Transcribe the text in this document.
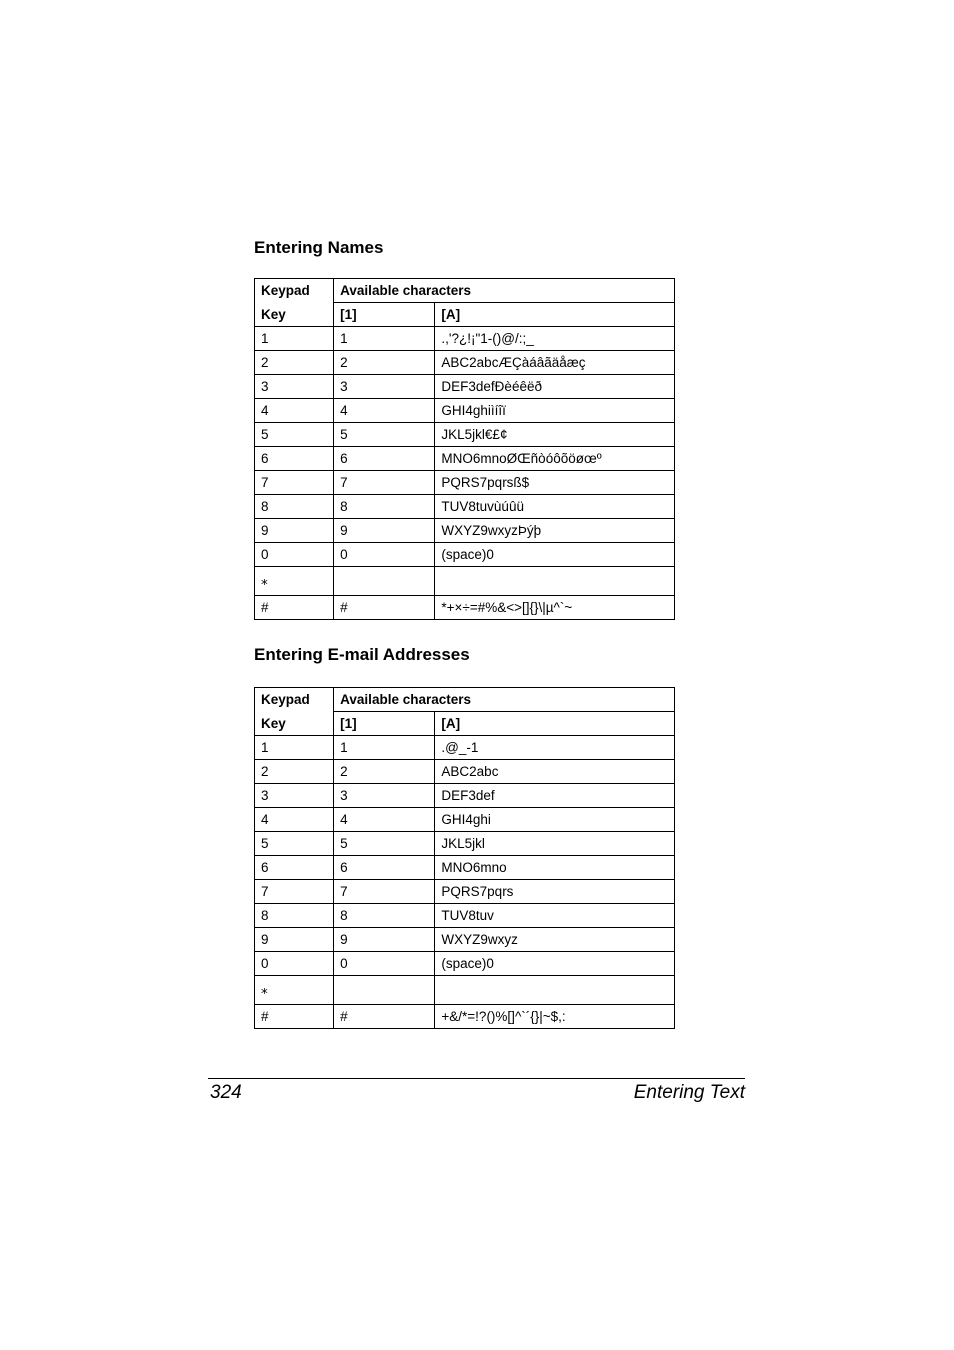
Entering Names
Keypad	Available characters	
Key	[1]	[A]
1	1	.,'?¿!¡"1-()@/:;_
2	2	ABC2abcÆÇàáâãäåæç
3	3	DEF3defÐèéêëð
4	4	GHI4ghiìíîï
5	5	JKL5jkl€£¢
6	6	MNO6mnoØŒñòóôõöøœº
7	7	PQRS7pqrsß$
8	8	TUV8tuvùúûü
9	9	WXYZ9wxyzÞýþ
0	0	(space)0
⁎		
#	#	*+×÷=#%&<>[]{}\|µ^`~
Entering E-mail Addresses
Keypad	Available characters	
Key	[1]	[A]
1	1	.@_-1
2	2	ABC2abc
3	3	DEF3def
4	4	GHI4ghi
5	5	JKL5jkl
6	6	MNO6mno
7	7	PQRS7pqrs
8	8	TUV8tuv
9	9	WXYZ9wxyz
0	0	(space)0
⁎		
#	#	+&/*=!?()%[]^`´{}|~$,:
324	Entering Text
